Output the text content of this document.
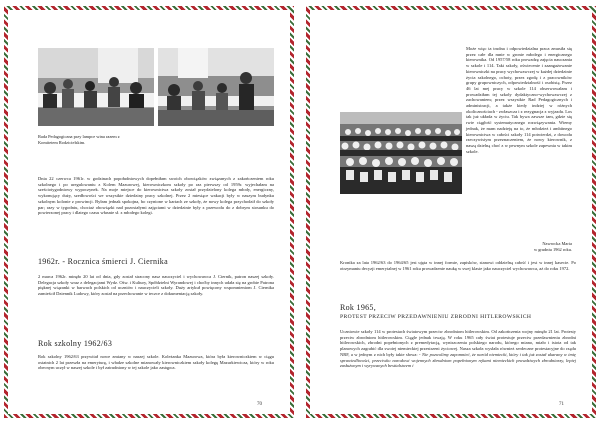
Rada Pedagogiczna przy lampce wina razem z Komitetem Rodzicielskim.
Dnia 22 czerwca 1961r. w godzinach popołudniowych dopełniłam swoich obowiązków związanych z zakończeniem roku szkolnego i po uregulowaniu z Kolem Mazurowej, kierowniczkom szkoły po raz pierwszy od 1959r. wyjechałam na sześciotygodniowy wypoczynek. Na moje miejsce do kierownictwa szkoły został przydzielony kolega młody, energiczny, wykonujący duży, szedłowości we wszystkie dziedziny pracy szkolnej. Przez 2 miesiące wakacji były w naszym budynku szkolnym kolonie z prowincji. Byłam jednak spokojna, bo czynione w kartach ze szkoły, że nowy kolega przychodził do szkoły par; razy w tygodniu, chociaż obowiązki nad pozostałymi zajęciami w dziedzinie były z przewodu do z dobrym stosunku do powierzonej pracy i dlatego czasu własnie sł. z młodego kolegi.
1962r. - Rocznica śmierci J. Ciernika
2 marca 1962r. minęło 20 lat od dnia, gdy został stracony nasz nauczyciel i wychowawca J. Ciernik, patron naszej szkoły. Delegacja szkoły wraz z delegacjami Wydz. Ośw. i Kultury, Spółdzielni Wyrandowej i choćby innych udała się na grobie Patrona pięknej wiązanki w barwach polskich od uczniów i nauczycieli szkoły. Duży artykuł powięcony wspomnieniom J. Ciernika zamieścił Dziennik Ludowy, który został na przechowanie w teczce z dokumentacją szkoły.
Rok szkolny 1962/63
Rok szkolny 1962/63 przywitał nowe zmiany w naszej szkole. Koleżanka Mazurowa, która była kierowniczkiem w ciągu ostatnich 2 lat przeszła na emeryturę, i władze szkolne mianowały kierowniczkiem szkoły kolegę Mazurkiewicza, który w roku obecnym uczył w naszej szkole i był zatrudniony w tej szkole jako zastępca.
70
Może więc ta trudna i odpowiedzialna praca zmusiła się przez całe dla mnie w gronie młodego i energicznego kierownika. Od 1957/58 roku prowadzę zajęcia nauczania w szkole i 114. Taki szkoły, oświecenie i zaangażowanie kierowniczki na pracy wychowawczej w każdej dziedzinie życia szkolnego, ochoty, przez zgodę i z pracowników grupy grupowniczych, odpowiedzialność i osobistą. Przez 46 lat mej pracy w szkole 114 obserwowałam i prowadziłam tej szkoły dydaktyczno-wychowawczej z zachowaniem; przez wszystkie Rad Pedagogicznych i administracji, a także kiedy indziej w różnych okolicznościach - zwłaszcza i z rezygnacja z wyjazdu. Los tak już układa w życiu. Tak bywa zawsze tam, gdzie się rwie ciągłość systematycznego rozwiązywania. Wiemy jednak, że mam nadzieję na to, że młodzież i ambitnego kierownictwa w całości szkoły 114 potwierdzi, z dowodu rzeczywistym przeznaczeniem, że nowy kierownik, z naszą dzielną choć z w pewnym szkole zapewnia w takim szkole.
Nawrocka Maria
w grudniu 1962 roku.
Kronika za lata 1962/63 do 1964/65 jest ujęta w innej formie, zapisków, stanowi oddzielną całość i jest w innej kasecie. Po otrzymaniu decyzji emerytalnej w 1961 roku prowadzenie naukę w swej klasie jako nauczyciel wychowawca, aż do roku 1972.
Rok 1965,
PROTEST PRZECIW PRZEDAWNIENIU ZBRODNI HITLEROWSKICH
Uczniowie szkoły 114 w protestach światowym przeciw zbrodniom hitlerowskim. Od zakończenia wojny minęło 21 lat. Protesty przeciw zbrodniom hitlerowskim. Ciągle jednak trwają. W roku 1965 cały świat protestuje przeciw przedawnieniu zbrodni hitlerowskich, zbrodni popełnionych z premedytacją, wyniszczenia polskiego narodu, którego miano, miało i istota od tak planowych zagrabić dla swoiej niemieckiej przestrzeni życiowej. Nasza szkoła wysłała również serdeczne protestacyjne do rządu NRF, a w jednym z nich były takie słowa: - Nie pozwolimy zapomnieć, że naród niemiecki, który i tak już został ukarany w imię sprawiedliwości, przeciwko narodowi wojennych zbrodniom popełnionym rękami niemieckich prawdziwych zbrodniarzy, lepiej zasłużonym i wyrywanych bestialstwem i
71
